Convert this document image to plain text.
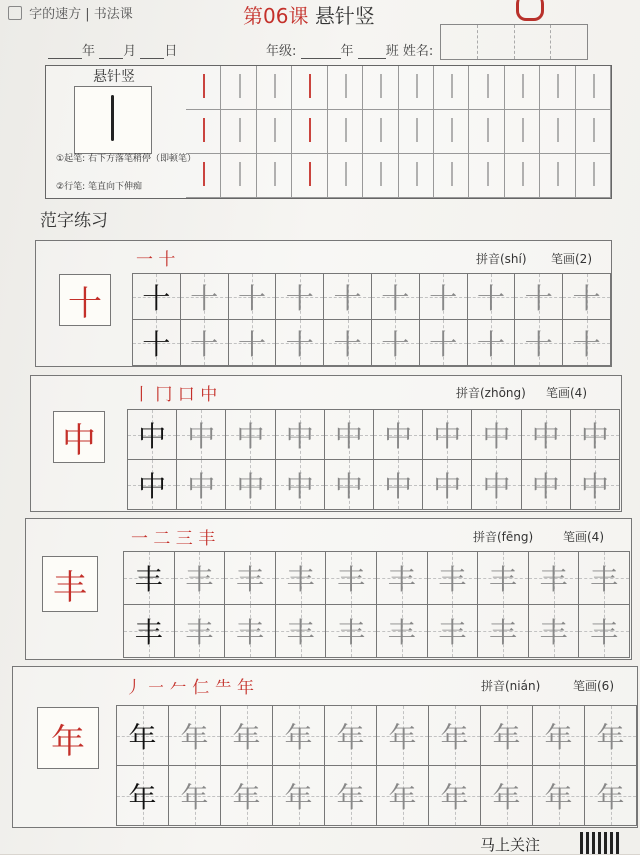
字的速方 | 书法课	第06课 悬针竖
年 月 日	年级:	年 班 姓名:
悬针竖
①起笔: 右下方落笔稍停（即顿笔）
②行笔: 笔直向下伸痴
范字练习
十
一 十	拼音(shí) 笔画(2)
十 十 十 十 十 十 十 十 十 十
十 十 十 十 十 十 十 十 十 十
中
丨 冂 口 中	拼音(zhōng) 笔画(4)
中 中 中 中 中 中 中 中 中 中
中 中 中 中 中 中 中 中 中 中
丰
一 二 三 丰	拼音(fēng) 笔画(4)
丰 丰 丰 丰 丰 丰 丰 丰 丰 丰
丰 丰 丰 丰 丰 丰 丰 丰 丰 丰
年
丿 ㇐ 𠂉 仁 ⺧ 年	拼音(nián)	笔画(6)
年 年 年 年 年 年 年 年 年 年
年 年 年 年 年 年 年 年 年 年
马上关注
